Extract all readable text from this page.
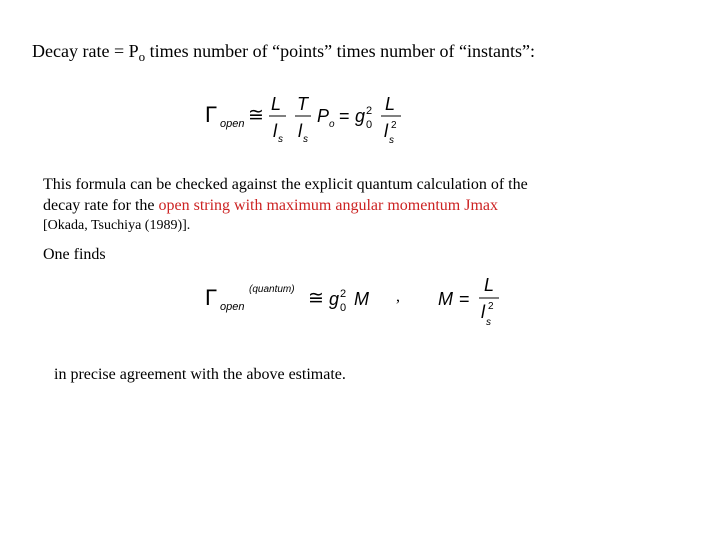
Decay rate = $P_o$ times number of “points” times number of “instants”:
Γ open ≅
L
l s
T
l s
P o = g 2
0
L
l 2
s
This formula can be checked against the explicit quantum calculation of the
decay rate for the open string with maximum angular momentum Jmax
[Okada, Tsuchiya (1989)].
One finds
Γ open
(quantum) ≅ g 2
0 M , M =
L
l 2
s
in precise agreement with the above estimate.
